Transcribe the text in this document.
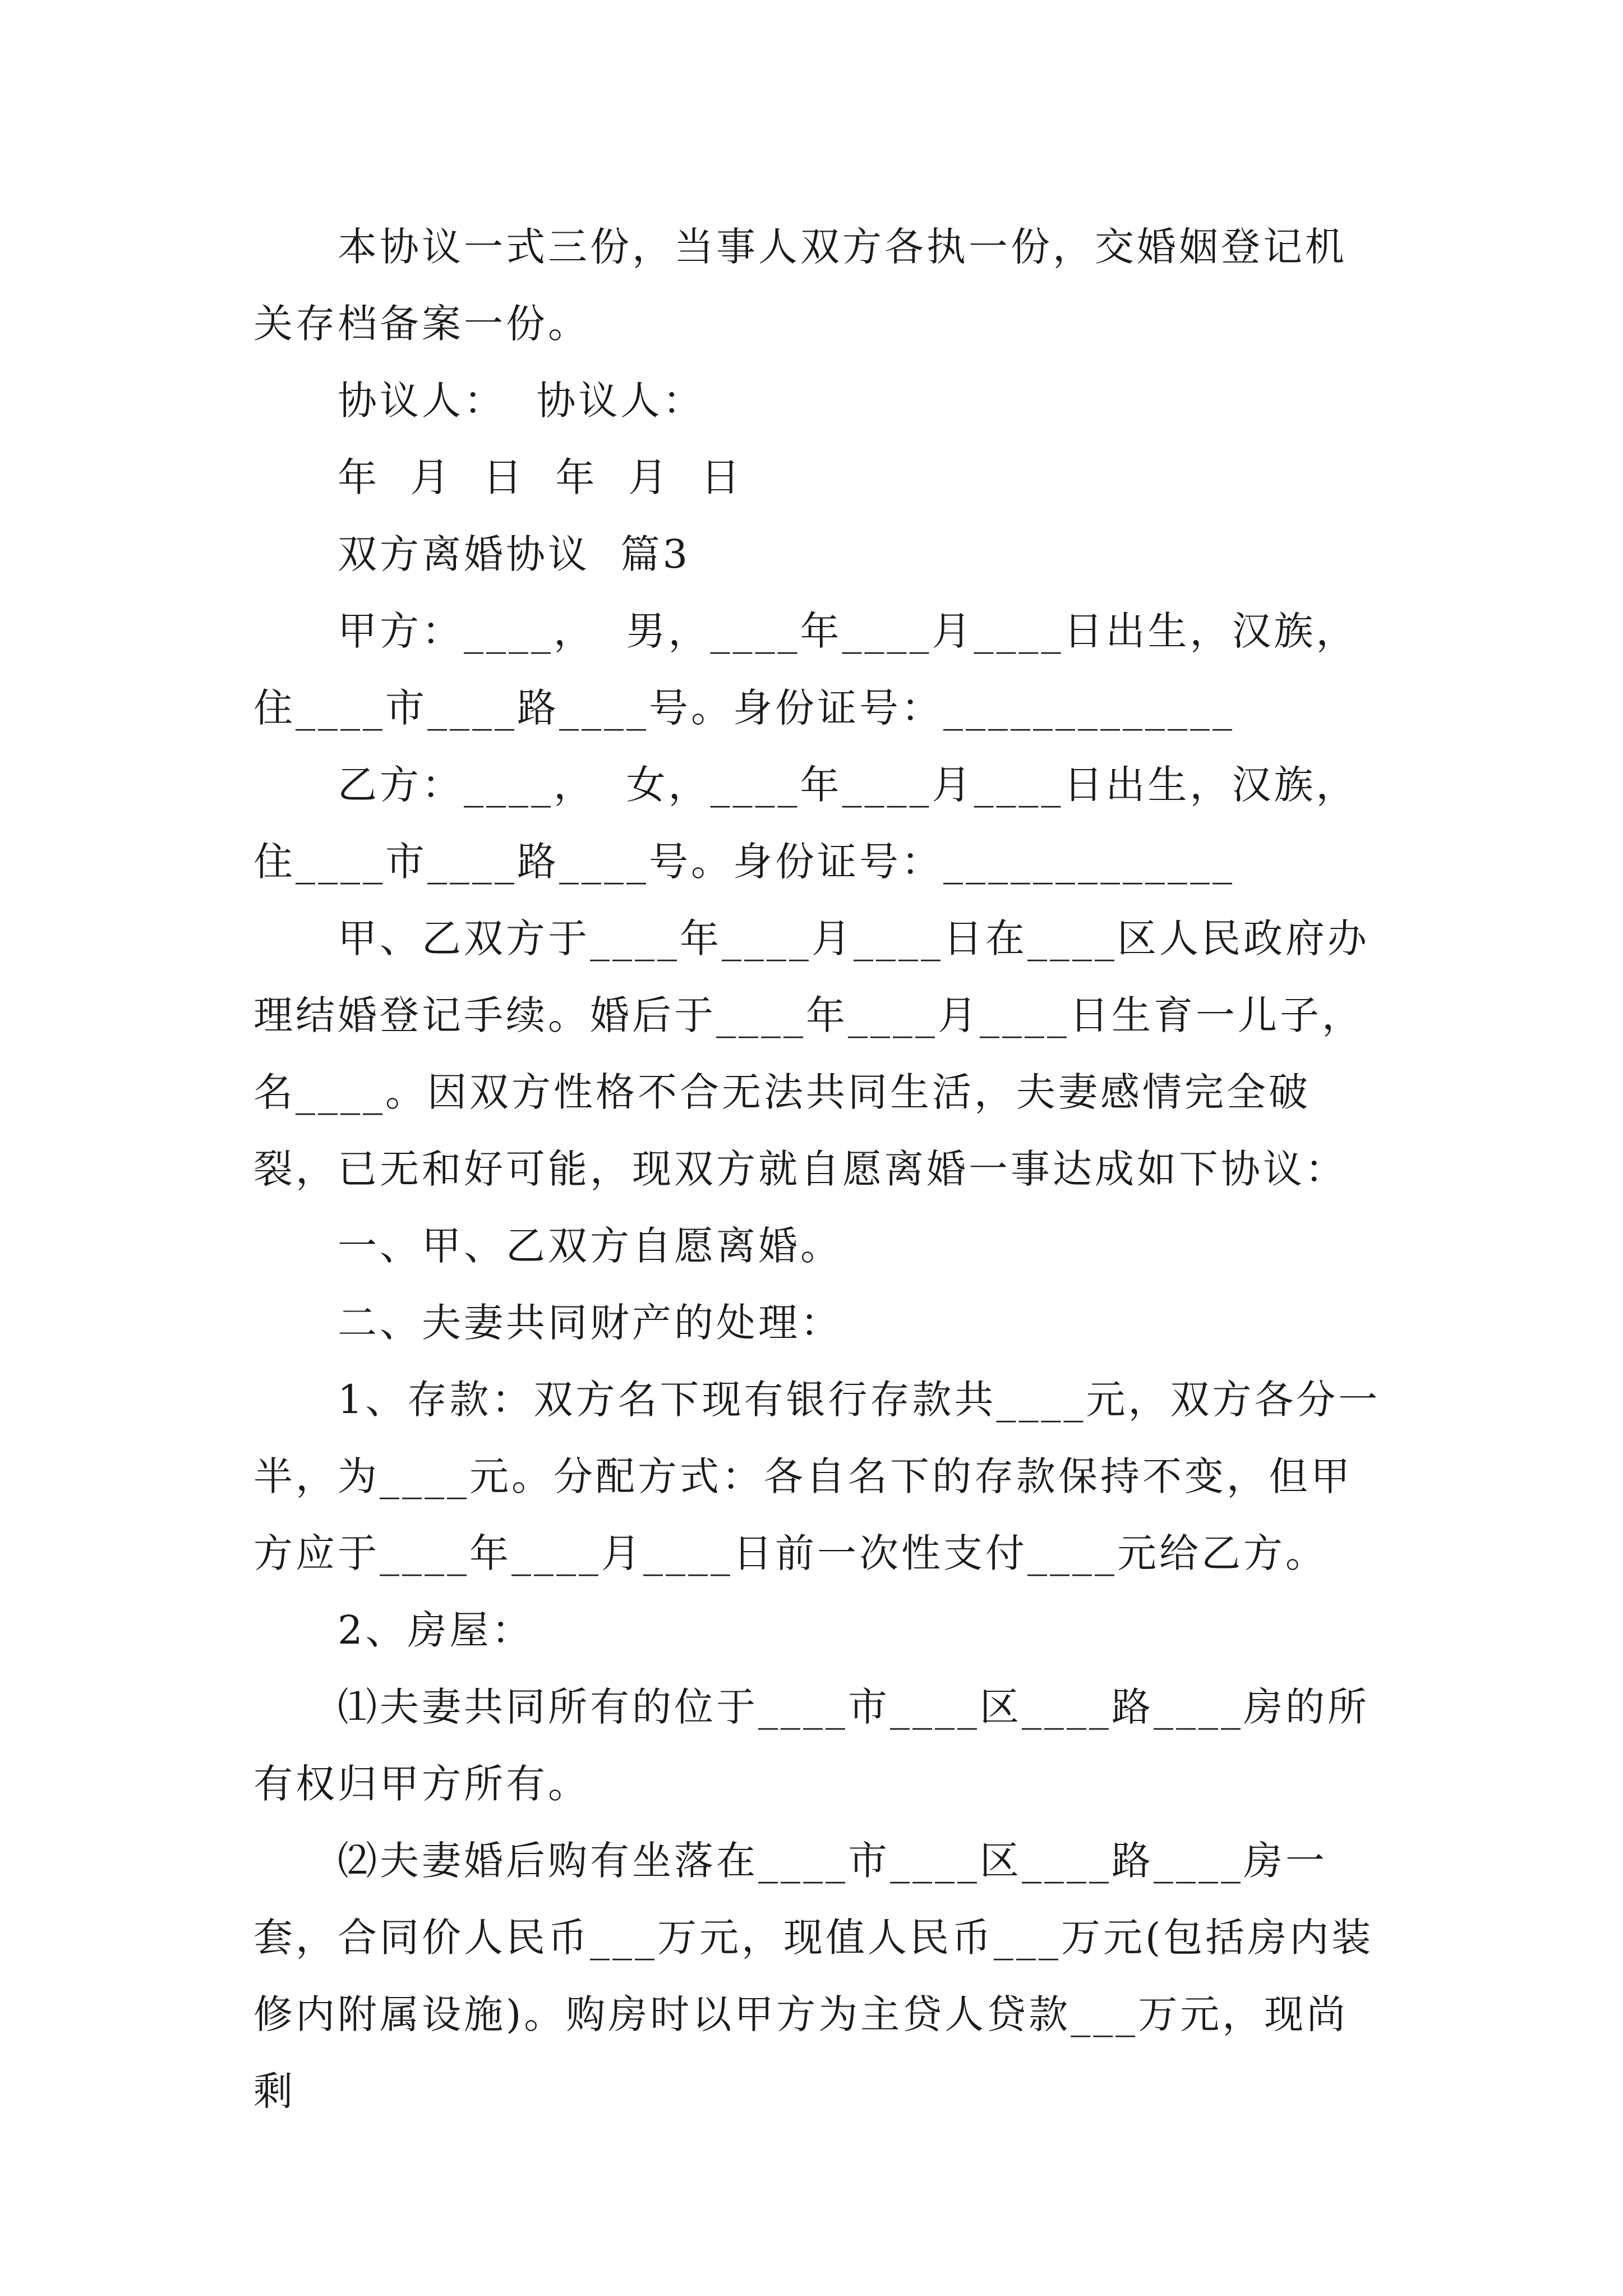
本协议一式三份，当事人双方各执一份，交婚姻登记机关存档备案一份。

协议人：  协议人：

年  月  日  年  月  日

双方离婚协议  篇3

甲方：____，  男，____年____月____日出生，汉族，住____市____路____号。身份证号：_____________

乙方：____，  女，____年____月____日出生，汉族，住____市____路____号。身份证号：_____________

甲、乙双方于____年____月____日在____区人民政府办理结婚登记手续。婚后于____年____月____日生育一儿子，名____。因双方性格不合无法共同生活，夫妻感情完全破裂，已无和好可能，现双方就自愿离婚一事达成如下协议：

一、甲、乙双方自愿离婚。

二、夫妻共同财产的处理：

1、存款：双方名下现有银行存款共____元，双方各分一半，为____元。分配方式：各自名下的存款保持不变，但甲方应于____年____月____日前一次性支付____元给乙方。

2、房屋：

⑴夫妻共同所有的位于____市____区____路____房的所有权归甲方所有。

⑵夫妻婚后购有坐落在____市____区____路____房一套，合同价人民币___万元，现值人民币___万元(包括房内装修内附属设施)。购房时以甲方为主贷人贷款___万元，现尚剩
